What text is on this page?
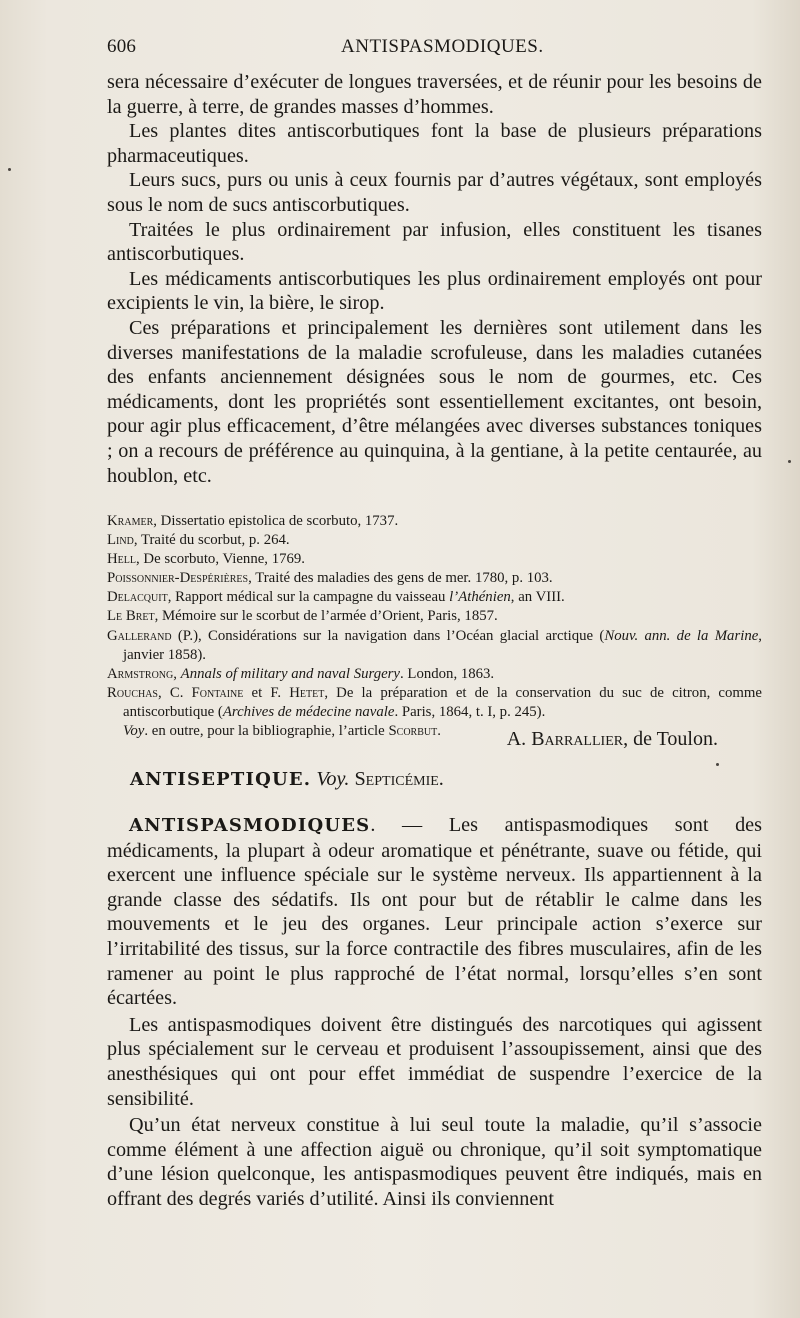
606	ANTISPASMODIQUES.

sera nécessaire d’exécuter de longues traversées, et de réunir pour les besoins de la guerre, à terre, de grandes masses d’hommes.

Les plantes dites antiscorbutiques font la base de plusieurs préparations pharmaceutiques.

Leurs sucs, purs ou unis à ceux fournis par d’autres végétaux, sont employés sous le nom de sucs antiscorbutiques.

Traitées le plus ordinairement par infusion, elles constituent les tisanes antiscorbutiques.

Les médicaments antiscorbutiques les plus ordinairement employés ont pour excipients le vin, la bière, le sirop.

Ces préparations et principalement les dernières sont utilement dans les diverses manifestations de la maladie scrofuleuse, dans les maladies cutanées des enfants anciennement désignées sous le nom de gourmes, etc. Ces médicaments, dont les propriétés sont essentiellement excitantes, ont besoin, pour agir plus efficacement, d’être mélangées avec diverses substances toniques ; on a recours de préférence au quinquina, à la gentiane, à la petite centaurée, au houblon, etc.

Kramer, Dissertatio epistolica de scorbuto, 1737.

Lind, Traité du scorbut, p. 264.

Hell, De scorbuto, Vienne, 1769.

Poissonnier-Despérières, Traité des maladies des gens de mer. 1780, p. 103.

Delacquit, Rapport médical sur la campagne du vaisseau l’Athénien, an VIII.

Le Bret, Mémoire sur le scorbut de l’armée d’Orient, Paris, 1857.

Gallerand (P.), Considérations sur la navigation dans l’Océan glacial arctique (Nouv. ann. de la Marine, janvier 1858).

Armstrong, Annals of military and naval Surgery. London, 1863.

Rouchas, C. Fontaine et F. Hetet, De la préparation et de la conservation du suc de citron, comme antiscorbutique (Archives de médecine navale. Paris, 1864, t. I, p. 245).

Voy. en outre, pour la bibliographie, l’article Scorbut.	A. Barrallier, de Toulon.
ANTISEPTIQUE. Voy. Septicémie.

ANTISPASMODIQUES. — Les antispasmodiques sont des médicaments, la plupart à odeur aromatique et pénétrante, suave ou fétide, qui exercent une influence spéciale sur le système nerveux. Ils appartiennent à la grande classe des sédatifs. Ils ont pour but de rétablir le calme dans les mouvements et le jeu des organes. Leur principale action s’exerce sur l’irritabilité des tissus, sur la force contractile des fibres musculaires, afin de les ramener au point le plus rapproché de l’état normal, lorsqu’elles s’en sont écartées.

Les antispasmodiques doivent être distingués des narcotiques qui agissent plus spécialement sur le cerveau et produisent l’assoupissement, ainsi que des anesthésiques qui ont pour effet immédiat de suspendre l’exercice de la sensibilité.

Qu’un état nerveux constitue à lui seul toute la maladie, qu’il s’associe comme élément à une affection aiguë ou chronique, qu’il soit symptomatique d’une lésion quelconque, les antispasmodiques peuvent être indiqués, mais en offrant des degrés variés d’utilité. Ainsi ils conviennent
